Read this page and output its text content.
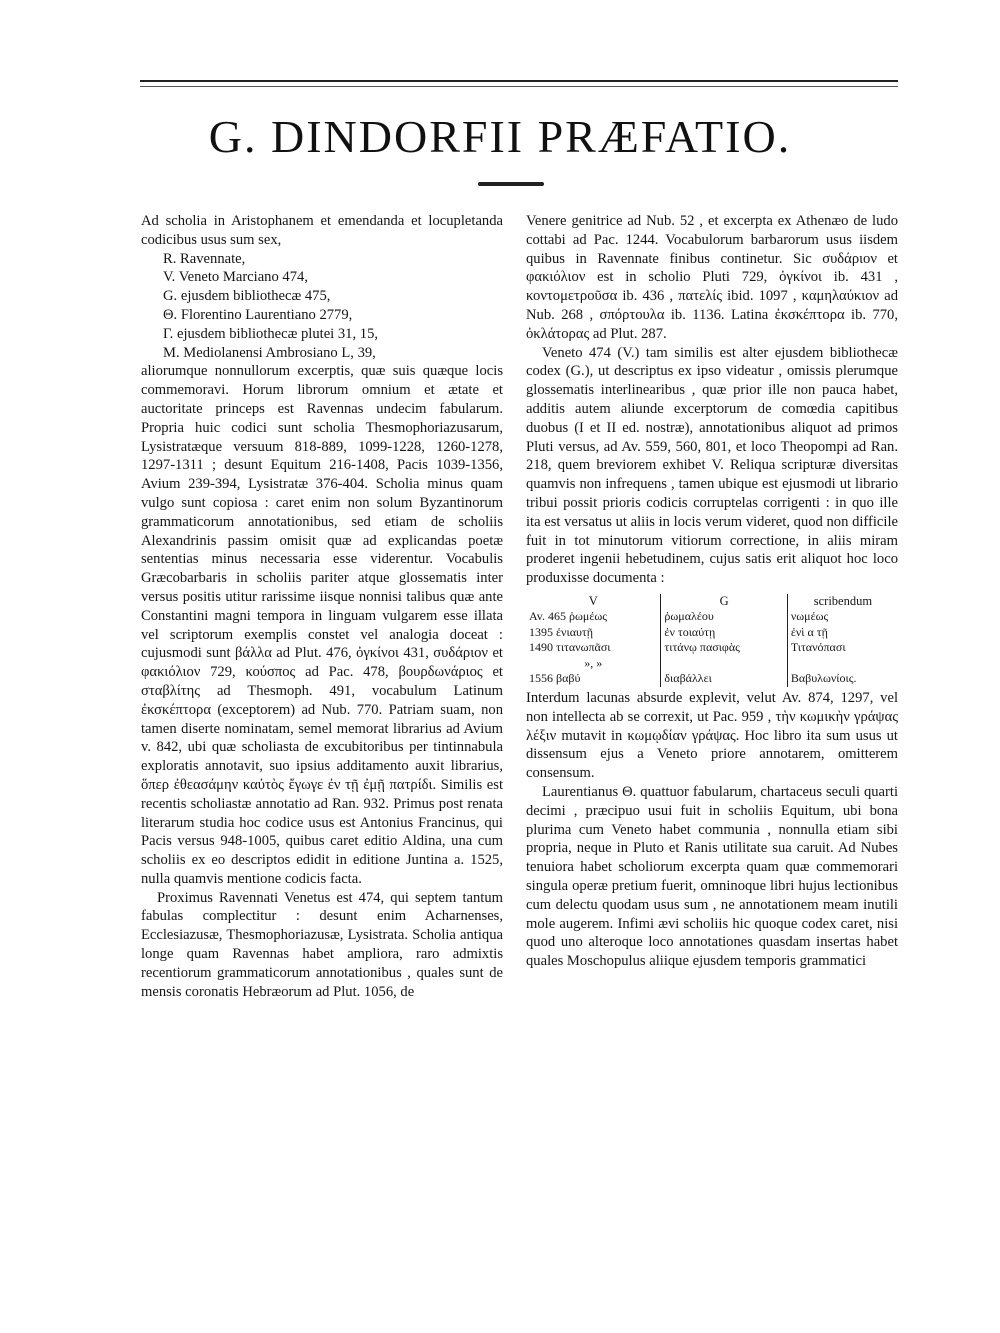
G. DINDORFII PRÆFATIO.

Ad scholia in Aristophanem et emendanda et locupletanda codicibus usus sum sex,

R. Ravennate,

V. Veneto Marciano 474,

G. ejusdem bibliothecæ 475,

Θ. Florentino Laurentiano 2779,

Γ. ejusdem bibliothecæ plutei 31, 15,

M. Mediolanensi Ambrosiano L, 39,

aliorumque nonnullorum excerptis, quæ suis quæque locis commemoravi. Horum librorum omnium et ætate et auctoritate princeps est Ravennas undecim fabularum. Propria huic codici sunt scholia Thesmophoriazusarum, Lysistratæque versuum 818-889, 1099-1228, 1260-1278, 1297-1311 ; desunt Equitum 216-1408, Pacis 1039-1356, Avium 239-394, Lysistratæ 376-404. Scholia minus quam vulgo sunt copiosa : caret enim non solum Byzantinorum grammaticorum annotationibus, sed etiam de scholiis Alexandrinis passim omisit quæ ad explicandas poetæ sententias minus necessaria esse viderentur. Vocabulis Græcobarbaris in scholiis pariter atque glossematis inter versus positis utitur rarissime iisque nonnisi talibus quæ ante Constantini magni tempora in linguam vulgarem esse illata vel scriptorum exemplis constet vel analogia doceat : cujusmodi sunt βάλλα ad Plut. 476, ὀγκίνοι 431, συδάριον et φακιόλιον 729, κούσπος ad Pac. 478, βουρδωνάριος et σταβλίτης ad Thesmoph. 491, vocabulum Latinum ἐκσκέπτορα (exceptorem) ad Nub. 770. Patriam suam, non tamen diserte nominatam, semel memorat librarius ad Avium v. 842, ubi quæ scholiasta de excubitoribus per tintinnabula exploratis annotavit, suo ipsius additamento auxit librarius, ὅπερ ἐθεασάμην καὐτὸς ἔγωγε ἐν τῇ ἐμῇ πατρίδι. Similis est recentis scholiastæ annotatio ad Ran. 932. Primus post renata literarum studia hoc codice usus est Antonius Francinus, qui Pacis versus 948-1005, quibus caret editio Aldina, una cum scholiis ex eo descriptos edidit in editione Juntina a. 1525, nulla quamvis mentione codicis facta.

Proximus Ravennati Venetus est 474, qui septem tantum fabulas complectitur : desunt enim Acharnenses, Ecclesiazusæ, Thesmophoriazusæ, Lysistrata. Scholia antiqua longe quam Ravennas habet ampliora, raro admixtis recentiorum grammaticorum annotationibus , quales sunt de mensis coronatis Hebræorum ad Plut. 1056, de

Venere genitrice ad Nub. 52 , et excerpta ex Athenæo de ludo cottabi ad Pac. 1244. Vocabulorum barbarorum usus iisdem quibus in Ravennate finibus continetur. Sic συδάριον et φακιόλιον est in scholio Pluti 729, ὀγκίνοι ib. 431 , κοντομετροῦσα ib. 436 , πατελίς ibid. 1097 , καμηλαύκιον ad Nub. 268 , σπόρτουλα ib. 1136. Latina ἐκσκέπτορα ib. 770, ὀκλάτορας ad Plut. 287.

Veneto 474 (V.) tam similis est alter ejusdem bibliothecæ codex (G.), ut descriptus ex ipso videatur , omissis plerumque glossematis interlinearibus , quæ prior ille non pauca habet, additis autem aliunde excerptorum de comœdia capitibus duobus (I et II ed. nostræ), annotationibus aliquot ad primos Pluti versus, ad Av. 559, 560, 801, et loco Theopompi ad Ran. 218, quem breviorem exhibet V. Reliqua scripturæ diversitas quamvis non infrequens , tamen ubique est ejusmodi ut librario tribui possit prioris codicis corruptelas corrigenti : in quo ille ita est versatus ut aliis in locis verum videret, quod non difficile fuit in tot minutorum vitiorum correctione, in aliis miram proderet ingenii hebetudinem, cujus satis erit aliquot hoc loco produxisse documenta :

V	G	scribendum
Av. 465 ῥωμέως	ῥωμαλέου	νωμέως
1395 ἐνιαυτῇ	ἐν τοιαύτῃ	ἐνὶ α τῇ
1490 τιτανωπᾶσι	τιτάνῳ πασιφὰς	Τιτανόπασι
», »		
1556 βαβύ	διαβάλλει	Βαβυλωνίοις.

Interdum lacunas absurde explevit, velut Av. 874, 1297, vel non intellecta ab se correxit, ut Pac. 959 , τὴν κωμικὴν γράψας λέξιν mutavit in κωμῳδίαν γράψας. Hoc libro ita sum usus ut dissensum ejus a Veneto priore annotarem, omitterem consensum.

Laurentianus Θ. quattuor fabularum, chartaceus seculi quarti decimi , præcipuo usui fuit in scholiis Equitum, ubi bona plurima cum Veneto habet communia , nonnulla etiam sibi propria, neque in Pluto et Ranis utilitate sua caruit. Ad Nubes tenuiora habet scholiorum excerpta quam quæ commemorari singula operæ pretium fuerit, omninoque libri hujus lectionibus cum delectu quodam usus sum , ne annotationem meam inutili mole augerem. Infimi ævi scholiis hic quoque codex caret, nisi quod uno alteroque loco annotationes quasdam insertas habet quales Moschopulus aliique ejusdem temporis grammatici
